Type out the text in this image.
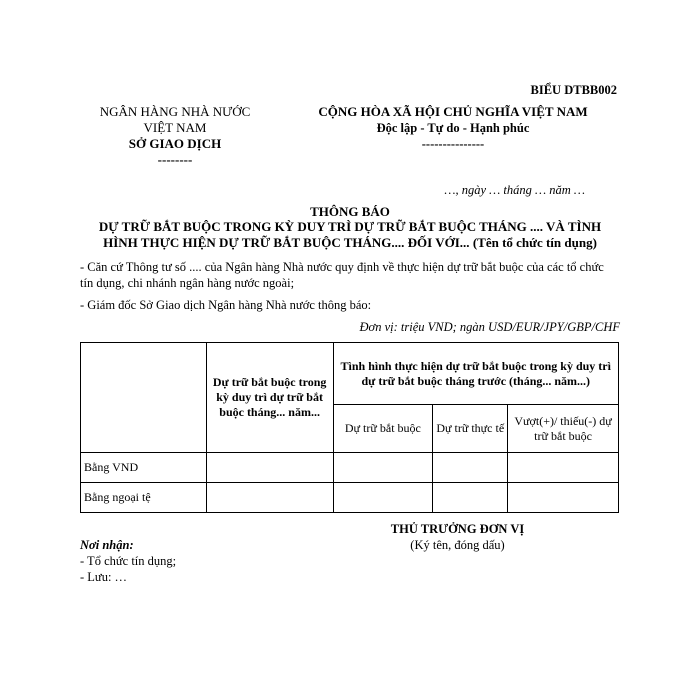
BIỂU DTBB002
NGÂN HÀNG NHÀ NƯỚC
VIỆT NAM
SỞ GIAO DỊCH
--------
CỘNG HÒA XÃ HỘI CHỦ NGHĨA VIỆT NAM
Độc lập - Tự do - Hạnh phúc
---------------
…, ngày … tháng … năm …
THÔNG BÁO
DỰ TRỮ BẮT BUỘC TRONG KỲ DUY TRÌ DỰ TRỮ BẮT BUỘC THÁNG .... VÀ TÌNH
HÌNH THỰC HIỆN DỰ TRỮ BẮT BUỘC THÁNG.... ĐỐI VỚI... (Tên tổ chức tín dụng)
- Căn cứ Thông tư số .... của Ngân hàng Nhà nước quy định về thực hiện dự trữ bắt buộc của các tổ chức tín dụng, chi nhánh ngân hàng nước ngoài;
- Giám đốc Sở Giao dịch Ngân hàng Nhà nước thông báo:
Đơn vị: triệu VND; ngàn USD/EUR/JPY/GBP/CHF
	Dự trữ bắt buộc trong kỳ duy trì dự trữ bắt buộc tháng... năm...	Tình hình thực hiện dự trữ bắt buộc trong kỳ duy trì dự trữ bắt buộc tháng trước (tháng... năm...)		
		Dự trữ bắt buộc	Dự trữ thực tế	Vượt(+)/ thiếu(-) dự trữ bắt buộc
Bằng VND				
Bằng ngoại tệ				
THỦ TRƯỞNG ĐƠN VỊ
(Ký tên, đóng dấu)
Nơi nhận:
- Tổ chức tín dụng;
- Lưu: …
